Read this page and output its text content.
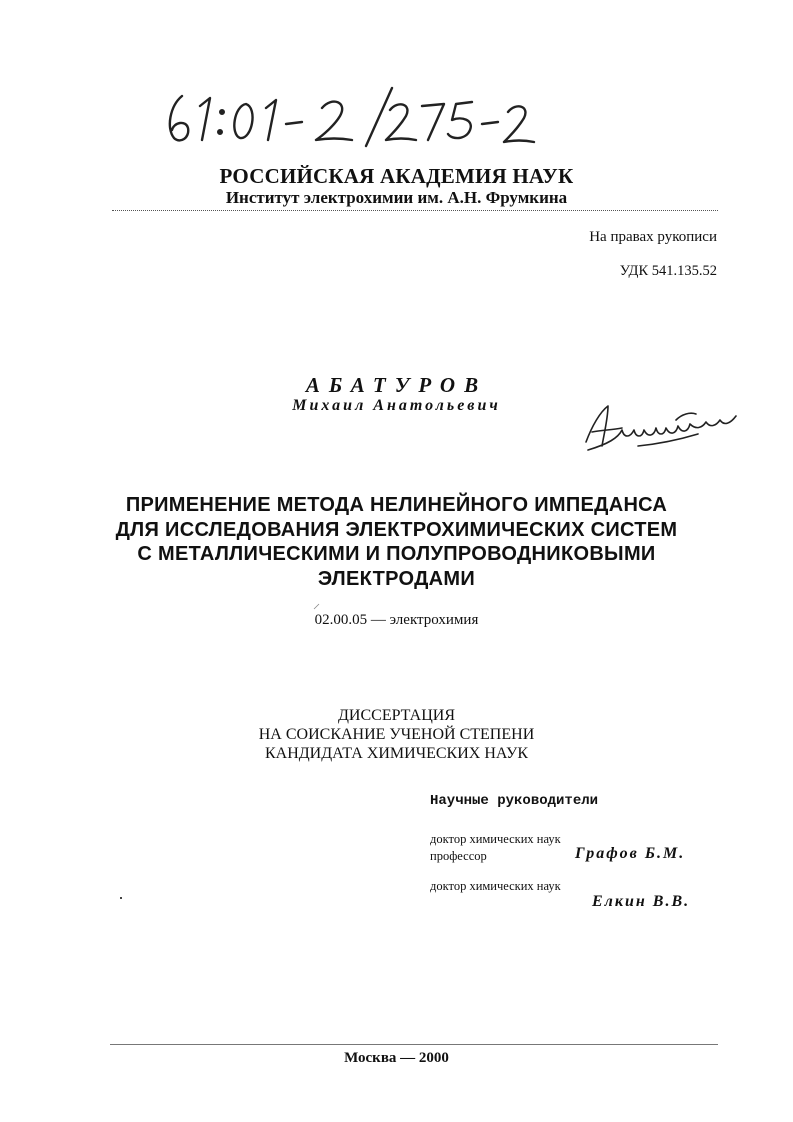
РОССИЙСКАЯ АКАДЕМИЯ НАУК
Институт электрохимии им. А.Н. Фрумкина
На правах рукописи
УДК 541.135.52
АБАТУРОВ
Михаил Анатольевич
ПРИМЕНЕНИЕ МЕТОДА НЕЛИНЕЙНОГО ИМПЕДАНСА
ДЛЯ ИССЛЕДОВАНИЯ ЭЛЕКТРОХИМИЧЕСКИХ СИСТЕМ
С МЕТАЛЛИЧЕСКИМИ И ПОЛУПРОВОДНИКОВЫМИ
ЭЛЕКТРОДАМИ
02.00.05 — электрохимия
ДИССЕРТАЦИЯ
НА СОИСКАНИЕ УЧЕНОЙ СТЕПЕНИ
КАНДИДАТА ХИМИЧЕСКИХ НАУК
Научные руководители
доктор химических наук
профессор	Графов Б.М.
доктор химических наук
Елкин В.В.
Москва — 2000
